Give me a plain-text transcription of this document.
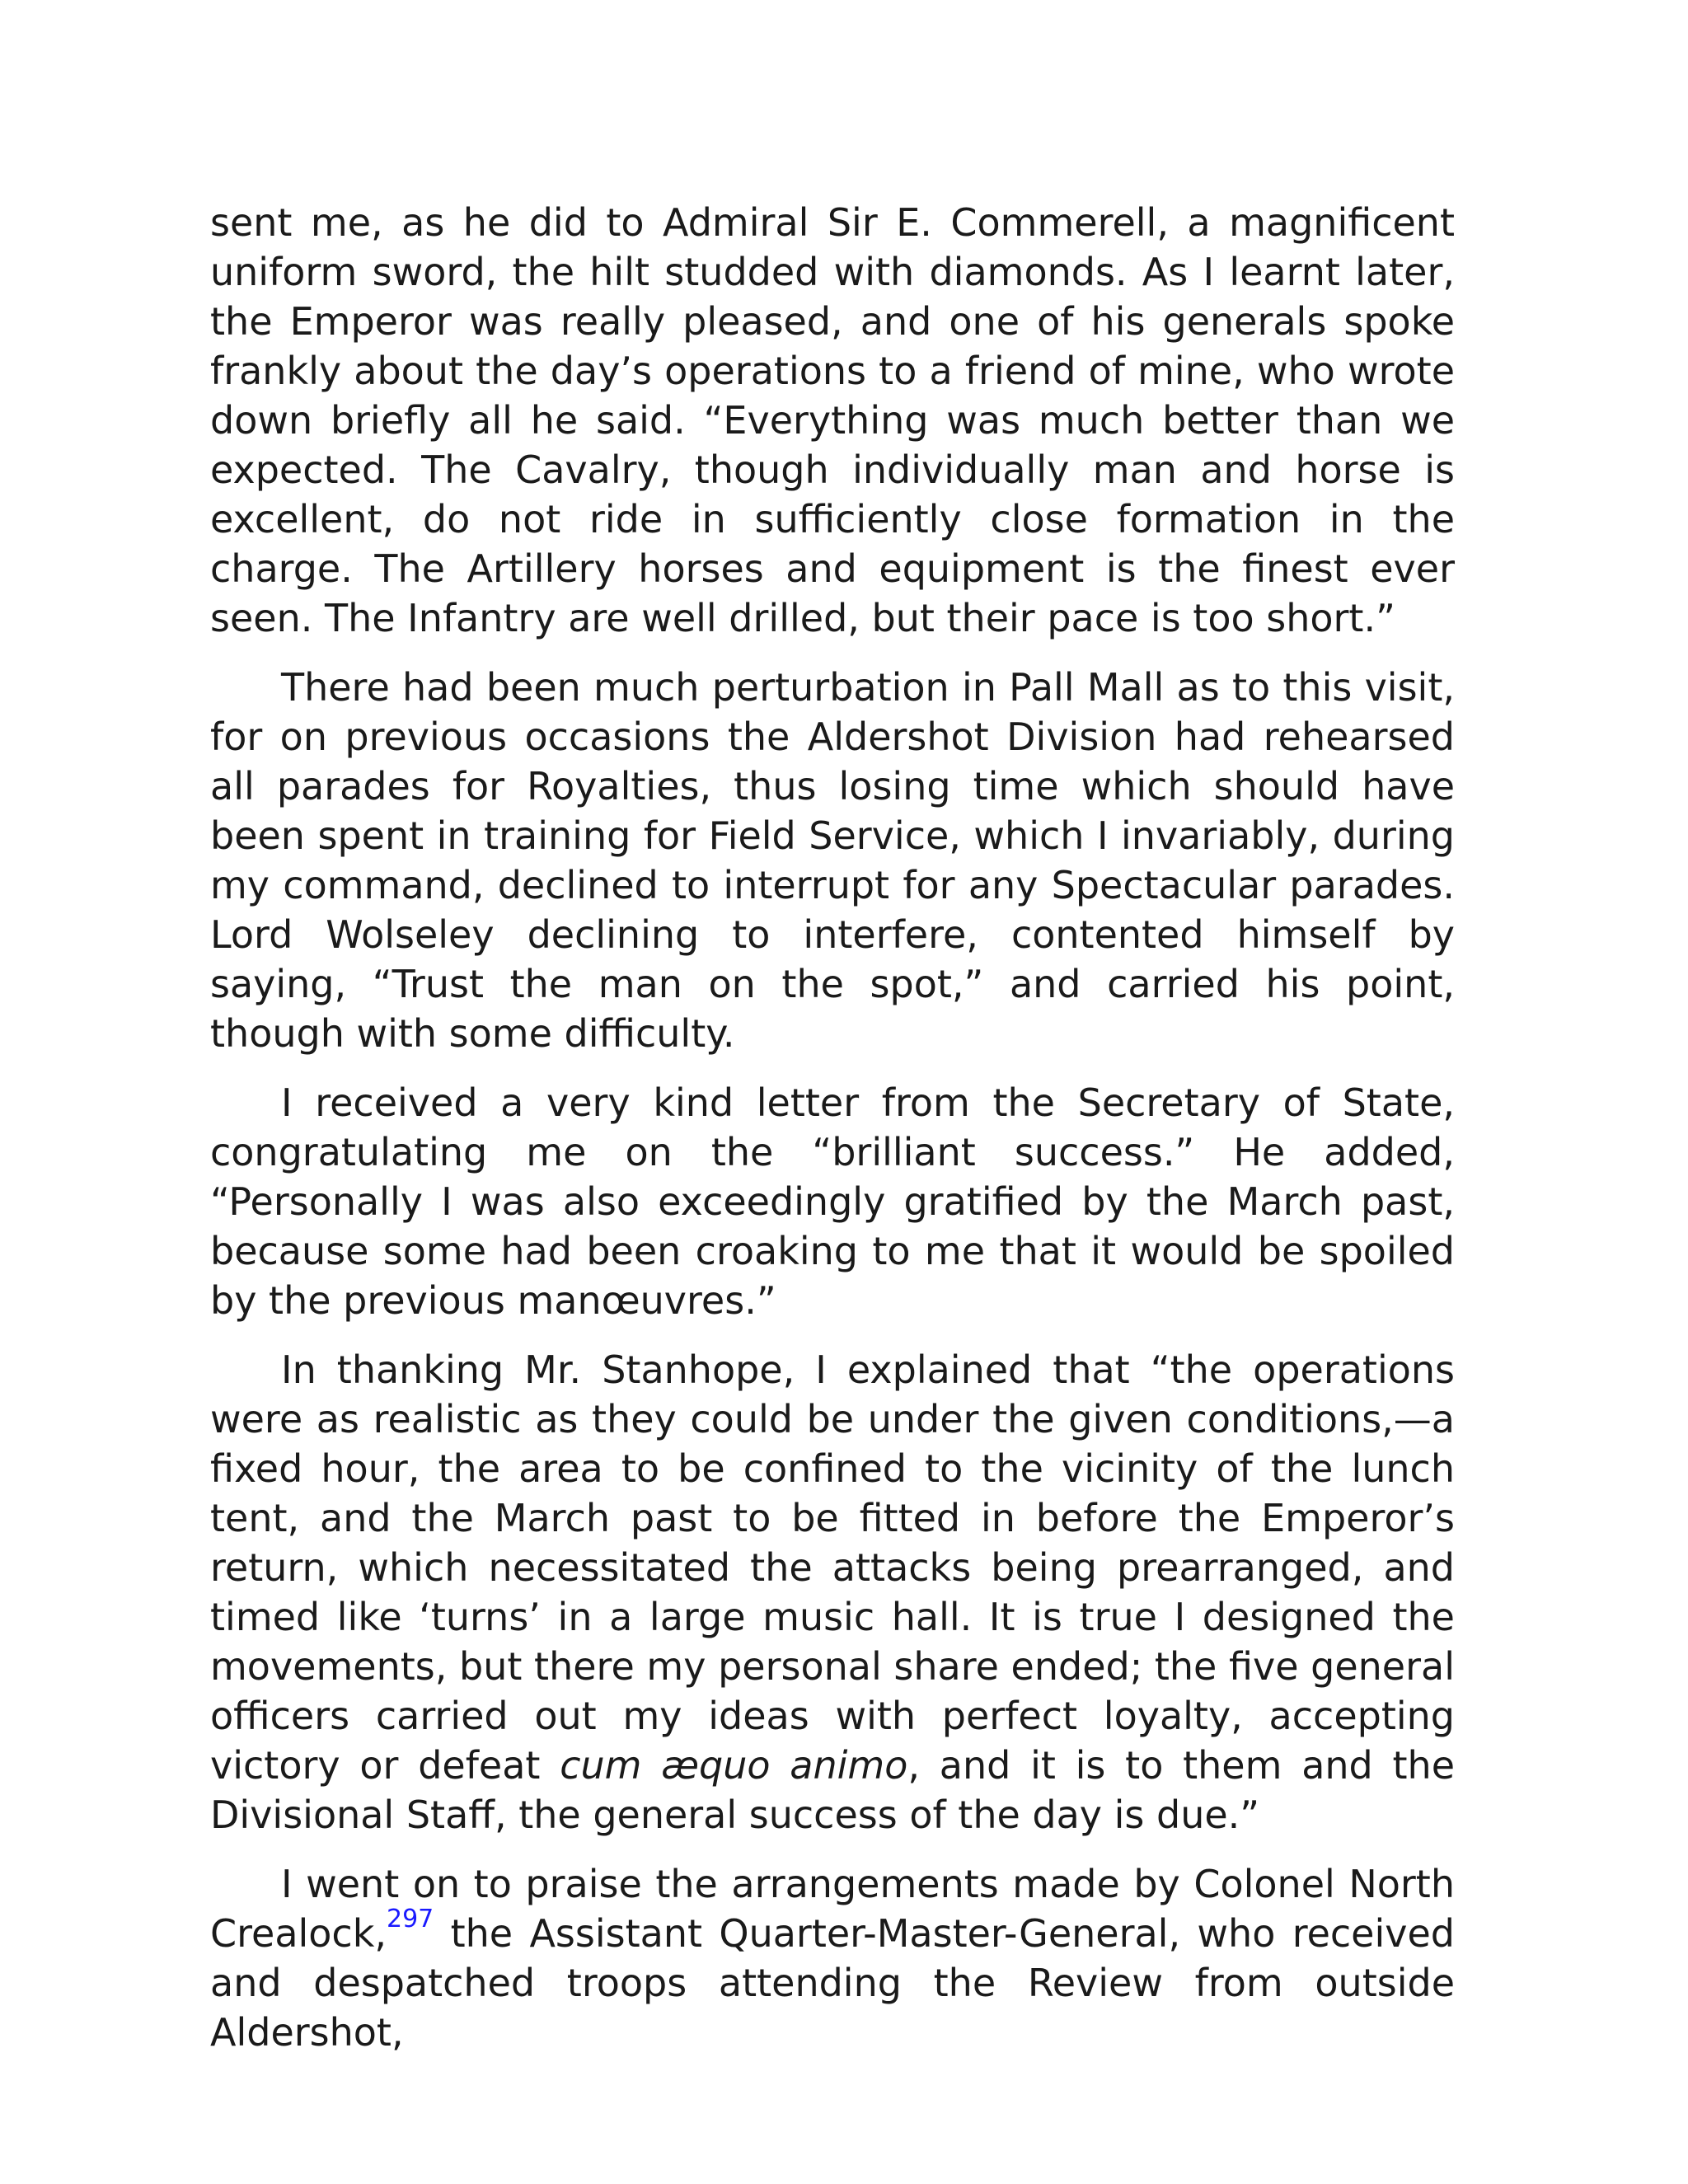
sent me, as he did to Admiral Sir E. Commerell, a magnificent uniform sword, the hilt studded with diamonds. As I learnt later, the Emperor was really pleased, and one of his generals spoke frankly about the day’s operations to a friend of mine, who wrote down briefly all he said. “Everything was much better than we expected. The Cavalry, though individually man and horse is excellent, do not ride in sufficiently close formation in the charge. The Artillery horses and equipment is the finest ever seen. The Infantry are well drilled, but their pace is too short.”

There had been much perturbation in Pall Mall as to this visit, for on previous occasions the Aldershot Division had rehearsed all parades for Royalties, thus losing time which should have been spent in training for Field Service, which I invariably, during my command, declined to interrupt for any Spectacular parades. Lord Wolseley declining to interfere, contented himself by saying, “Trust the man on the spot,” and carried his point, though with some difficulty.

I received a very kind letter from the Secretary of State, congratulating me on the “brilliant success.” He added, “Personally I was also exceedingly gratified by the March past, because some had been croaking to me that it would be spoiled by the previous manœuvres.”

In thanking Mr. Stanhope, I explained that “the operations were as realistic as they could be under the given conditions,—a fixed hour, the area to be confined to the vicinity of the lunch tent, and the March past to be fitted in before the Emperor’s return, which necessitated the attacks being prearranged, and timed like ‘turns’ in a large music hall. It is true I designed the movements, but there my personal share ended; the five general officers carried out my ideas with perfect loyalty, accepting victory or defeat cum æquo animo, and it is to them and the Divisional Staff, the general success of the day is due.”

I went on to praise the arrangements made by Colonel North Crealock,$^{297}$ the Assistant Quarter-Master-General, who received and despatched troops attending the Review from outside Aldershot,
